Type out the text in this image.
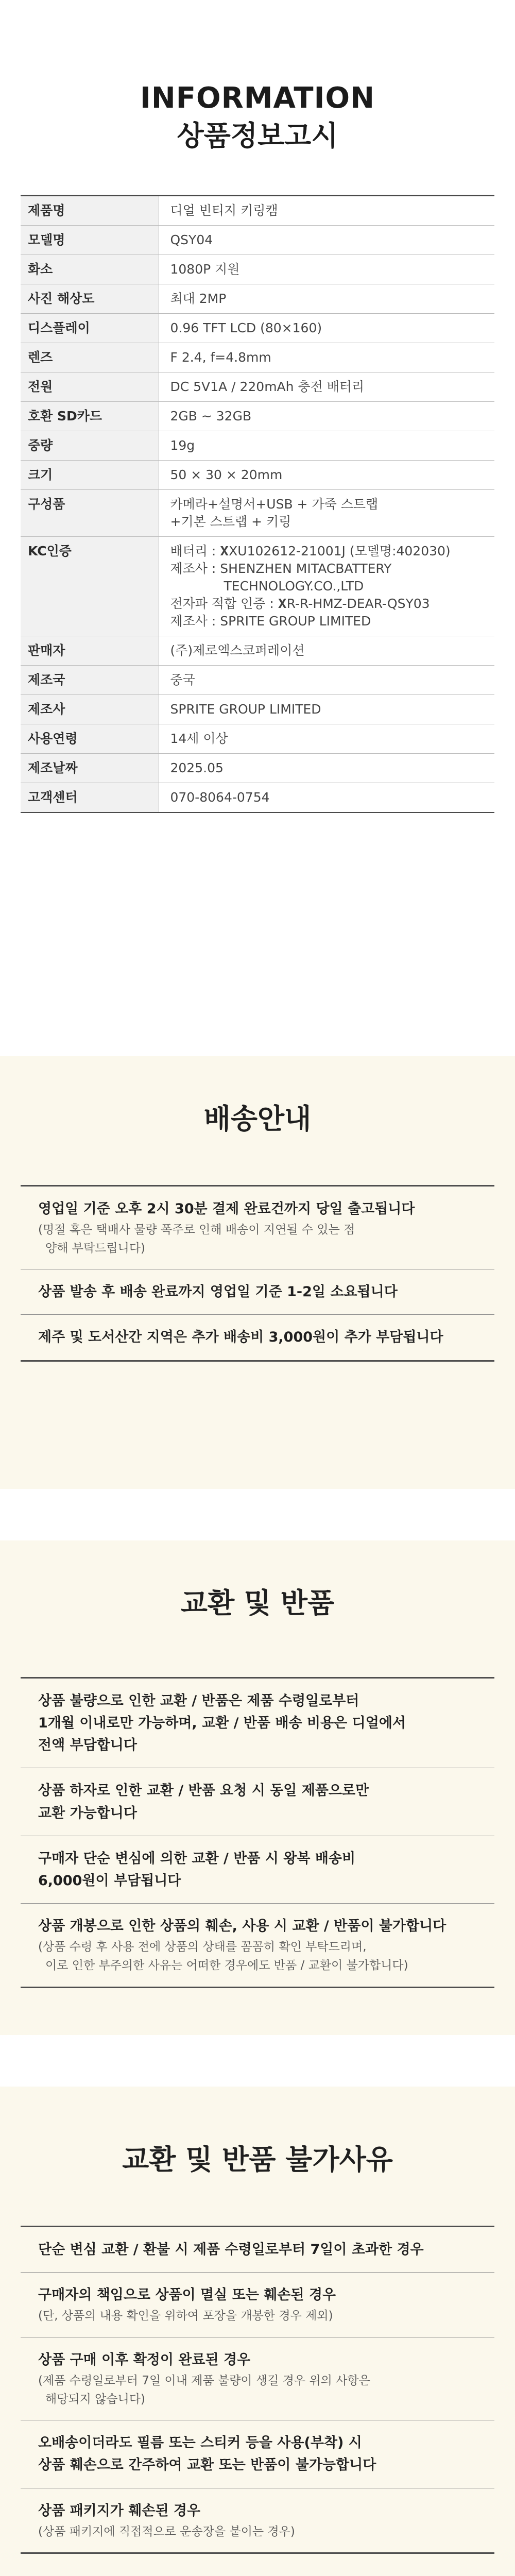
INFORMATION
상품정보고시
제품명	디얼 빈티지 키링캠

모델명	QSY04

화소	1080P 지원

사진 해상도	최대 2MP

디스플레이	0.96 TFT LCD (80×160)

렌즈	F 2.4, f=4.8mm

전원	DC 5V1A / 220mAh 충전 배터리

호환 SD카드	2GB ~ 32GB

중량	19g

크기	50 × 30 × 20mm

구성품	카메라+설명서+USB + 가죽 스트랩
+기본 스트랩 + 키링

KC인증	배터리 : 𝐗XU102612-21001J (모델명:402030)
제조사 : SHENZHEN MITACBATTERY
TECHNOLOGY.CO.,LTD
전자파 적합 인증 : 𝐗R-R-HMZ-DEAR-QSY03
제조사 : SPRITE GROUP LIMITED

판매자	(주)제로엑스코퍼레이션

제조국	중국

제조사	SPRITE GROUP LIMITED

사용연령	14세 이상

제조날짜	2025.05

고객센터	070-8064-0754
배송안내
영업일 기준 오후 2시 30분 결제 완료건까지 당일 출고됩니다
(명절 혹은 택배사 물량 폭주로 인해 배송이 지연될 수 있는 점
양해 부탁드립니다)
상품 발송 후 배송 완료까지 영업일 기준 1-2일 소요됩니다
제주 및 도서산간 지역은 추가 배송비 3,000원이 추가 부담됩니다
교환 및 반품
상품 불량으로 인한 교환 / 반품은 제품 수령일로부터
1개월 이내로만 가능하며, 교환 / 반품 배송 비용은 디얼에서
전액 부담합니다
상품 하자로 인한 교환 / 반품 요청 시 동일 제품으로만
교환 가능합니다
구매자 단순 변심에 의한 교환 / 반품 시 왕복 배송비
6,000원이 부담됩니다
상품 개봉으로 인한 상품의 훼손, 사용 시 교환 / 반품이 불가합니다
(상품 수령 후 사용 전에 상품의 상태를 꼼꼼히 확인 부탁드리며,
이로 인한 부주의한 사유는 어떠한 경우에도 반품 / 교환이 불가합니다)
교환 및 반품 불가사유
단순 변심 교환 / 환불 시 제품 수령일로부터 7일이 초과한 경우
구매자의 책임으로 상품이 멸실 또는 훼손된 경우
(단, 상품의 내용 확인을 위하여 포장을 개봉한 경우 제외)
상품 구매 이후 확정이 완료된 경우
(제품 수령일로부터 7일 이내 제품 불량이 생길 경우 위의 사항은
해당되지 않습니다)
오배송이더라도 필름 또는 스티커 등을 사용(부착) 시
상품 훼손으로 간주하여 교환 또는 반품이 불가능합니다
상품 패키지가 훼손된 경우
(상품 패키지에 직접적으로 운송장을 붙이는 경우)
